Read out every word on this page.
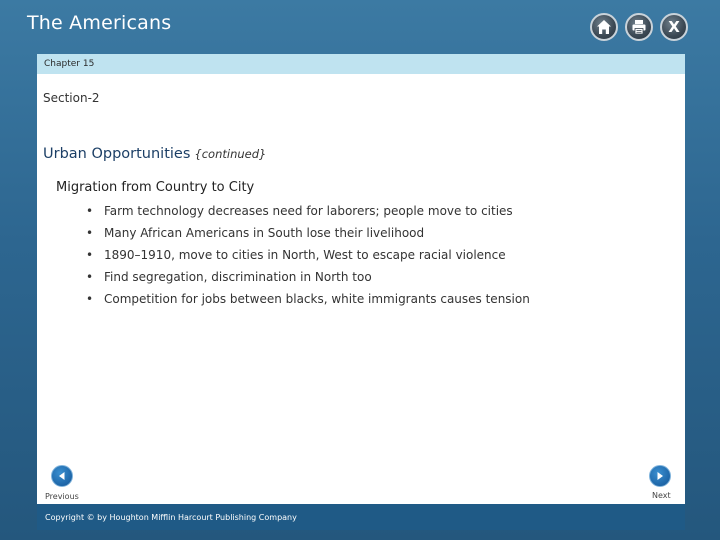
The Americans	X
Chapter 15
Section-2
Urban Opportunities {continued}
Migration from Country to City
• Farm technology decreases need for laborers; people move to cities
• Many African Americans in South lose their livelihood
• 1890–1910, move to cities in North, West to escape racial violence
• Find segregation, discrimination in North too
• Competition for jobs between blacks, white immigrants causes tension
Previous	Next
Copyright © by Houghton Mifflin Harcourt Publishing Company
